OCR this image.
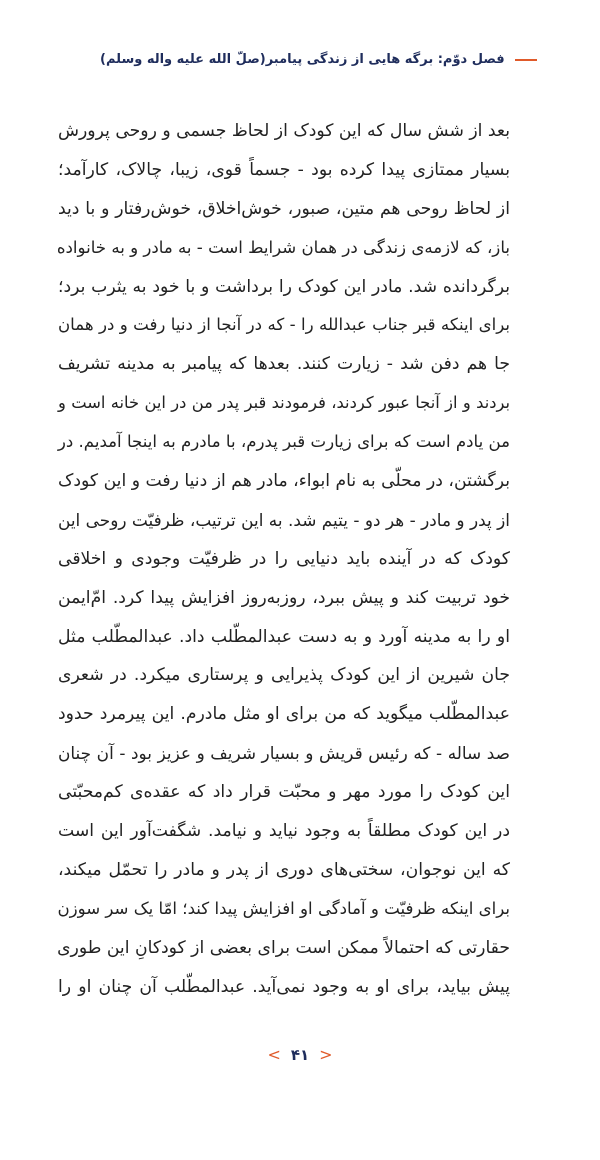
فصل دوّم: برگه هایی از زندگی پیامبر(صلّ الله علیه واله وسلم)
بعد از شش سال که این کودک از لحاظ جسمی و روحی پرورش
بسیار ممتازی پیدا کرده بود - جسماً قوی، زیبا، چالاک، کارآمد؛
از لحاظ روحی هم متین، صبور، خوش‌اخلاق، خوش‌رفتار و با دید
باز، که لازمه‌ی زندگی در همان شرایط است - به مادر و به خانواده
برگردانده شد. مادر این کودک را برداشت و با خود به یثرب برد؛
برای اینکه قبر جناب عبدالله را - که در آنجا از دنیا رفت و در همان
جا هم دفن شد - زیارت کنند. بعدها که پیامبر به مدینه تشریف
بردند و از آنجا عبور کردند، فرمودند قبر پدر من در این خانه است و
من یادم است که برای زیارت قبر پدرم، با مادرم به اینجا آمدیم. در
برگشتن، در محلّی به نام ابواء، مادر هم از دنیا رفت و این کودک
از پدر و مادر - هر دو - یتیم شد. به این ترتیب، ظرفیّت روحی این
کودک که در آینده باید دنیایی را در ظرفیّت وجودی و اخلاقی
خود تربیت کند و پیش ببرد، روزبه‌روز افزایش پیدا کرد. امّ‌ایمن
او را به مدینه آورد و به دست عبدالمطّلب داد. عبدالمطّلب مثل
جان شیرین از این کودک پذیرایی و پرستاری میکرد. در شعری
عبدالمطّلب میگوید که من برای او مثل مادرم. این پیرمرد حدود
صد ساله - که رئیس قریش و بسیار شریف و عزیز بود - آن چنان
این کودک را مورد مهر و محبّت قرار داد که عقده‌ی کم‌محبّتی
در این کودک مطلقاً به وجود نیاید و نیامد. شگفت‌آور این است
که این نوجوان، سختی‌های دوری از پدر و مادر را تحمّل میکند،
برای اینکه ظرفیّت و آمادگی او افزایش پیدا کند؛ امّا یک سر سوزن
حقارتی که احتمالاً ممکن است برای بعضی از کودکانِ این طوری
پیش بیاید، برای او به وجود نمی‌آید. عبدالمطّلب آن چنان او را
< ۴۱ >
